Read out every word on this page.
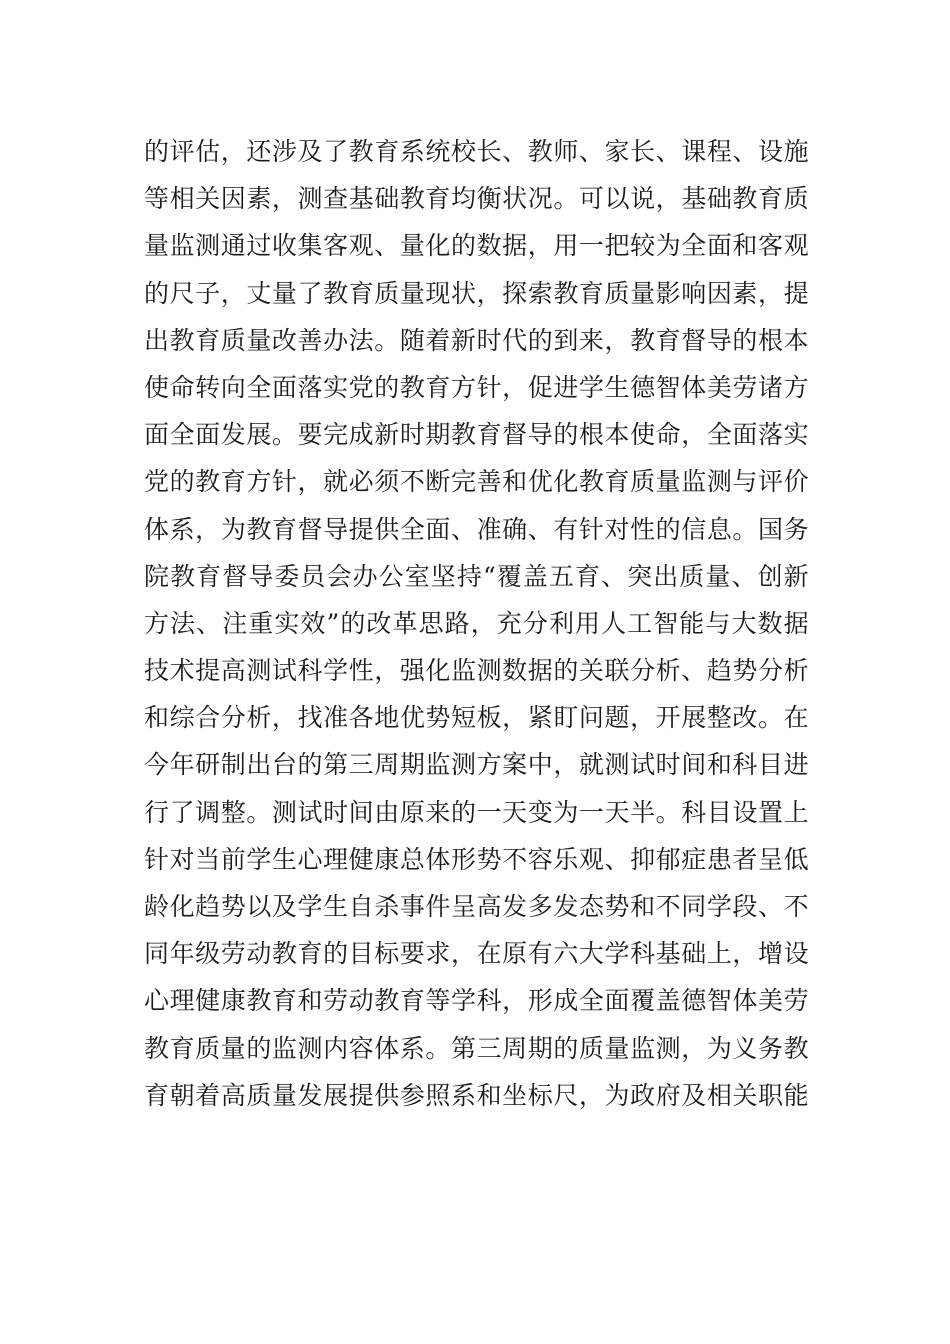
的评估，还涉及了教育系统校长、教师、家长、课程、设施
等相关因素，测查基础教育均衡状况。可以说，基础教育质
量监测通过收集客观、量化的数据，用一把较为全面和客观
的尺子，丈量了教育质量现状，探索教育质量影响因素，提
出教育质量改善办法。随着新时代的到来，教育督导的根本
使命转向全面落实党的教育方针，促进学生德智体美劳诸方
面全面发展。要完成新时期教育督导的根本使命，全面落实
党的教育方针，就必须不断完善和优化教育质量监测与评价
体系，为教育督导提供全面、准确、有针对性的信息。国务
院教育督导委员会办公室坚持“覆盖五育、突出质量、创新
方法、注重实效”的改革思路，充分利用人工智能与大数据
技术提高测试科学性，强化监测数据的关联分析、趋势分析
和综合分析，找准各地优势短板，紧盯问题，开展整改。在
今年研制出台的第三周期监测方案中，就测试时间和科目进
行了调整。测试时间由原来的一天变为一天半。科目设置上
针对当前学生心理健康总体形势不容乐观、抑郁症患者呈低
龄化趋势以及学生自杀事件呈高发多发态势和不同学段、不
同年级劳动教育的目标要求，在原有六大学科基础上，增设
心理健康教育和劳动教育等学科，形成全面覆盖德智体美劳
教育质量的监测内容体系。第三周期的质量监测，为义务教
育朝着高质量发展提供参照系和坐标尺，为政府及相关职能
